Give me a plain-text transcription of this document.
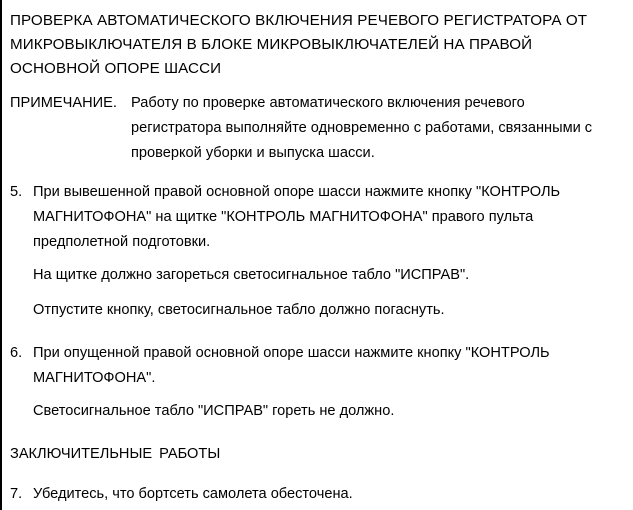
ПРОВЕРКА АВТОМАТИЧЕСКОГО ВКЛЮЧЕНИЯ РЕЧЕВОГО РЕГИСТРАТОРА ОТ
МИКРОВЫКЛЮЧАТЕЛЯ В БЛОКЕ МИКРОВЫКЛЮЧАТЕЛЕЙ НА ПРАВОЙ
ОСНОВНОЙ ОПОРЕ ШАССИ
ПРИМЕЧАНИЕ. Работу по проверке автоматического включения речевого
регистратора выполняйте одновременно с работами, связанными с
проверкой уборки и выпуска шасси.
5. При вывешенной правой основной опоре шасси нажмите кнопку "КОНТРОЛЬ
МАГНИТОФОНА" на щитке "КОНТРОЛЬ МАГНИТОФОНА" правого пульта
предполетной подготовки.
На щитке должно загореться светосигнальное табло "ИСПРАВ".
Отпустите кнопку, светосигнальное табло должно погаснуть.
6. При опущенной правой основной опоре шасси нажмите кнопку "КОНТРОЛЬ
МАГНИТОФОНА".
Светосигнальное табло "ИСПРАВ" гореть не должно.
ЗАКЛЮЧИТЕЛЬНЫЕ РАБОТЫ
7. Убедитесь, что бортсеть самолета обесточена.
